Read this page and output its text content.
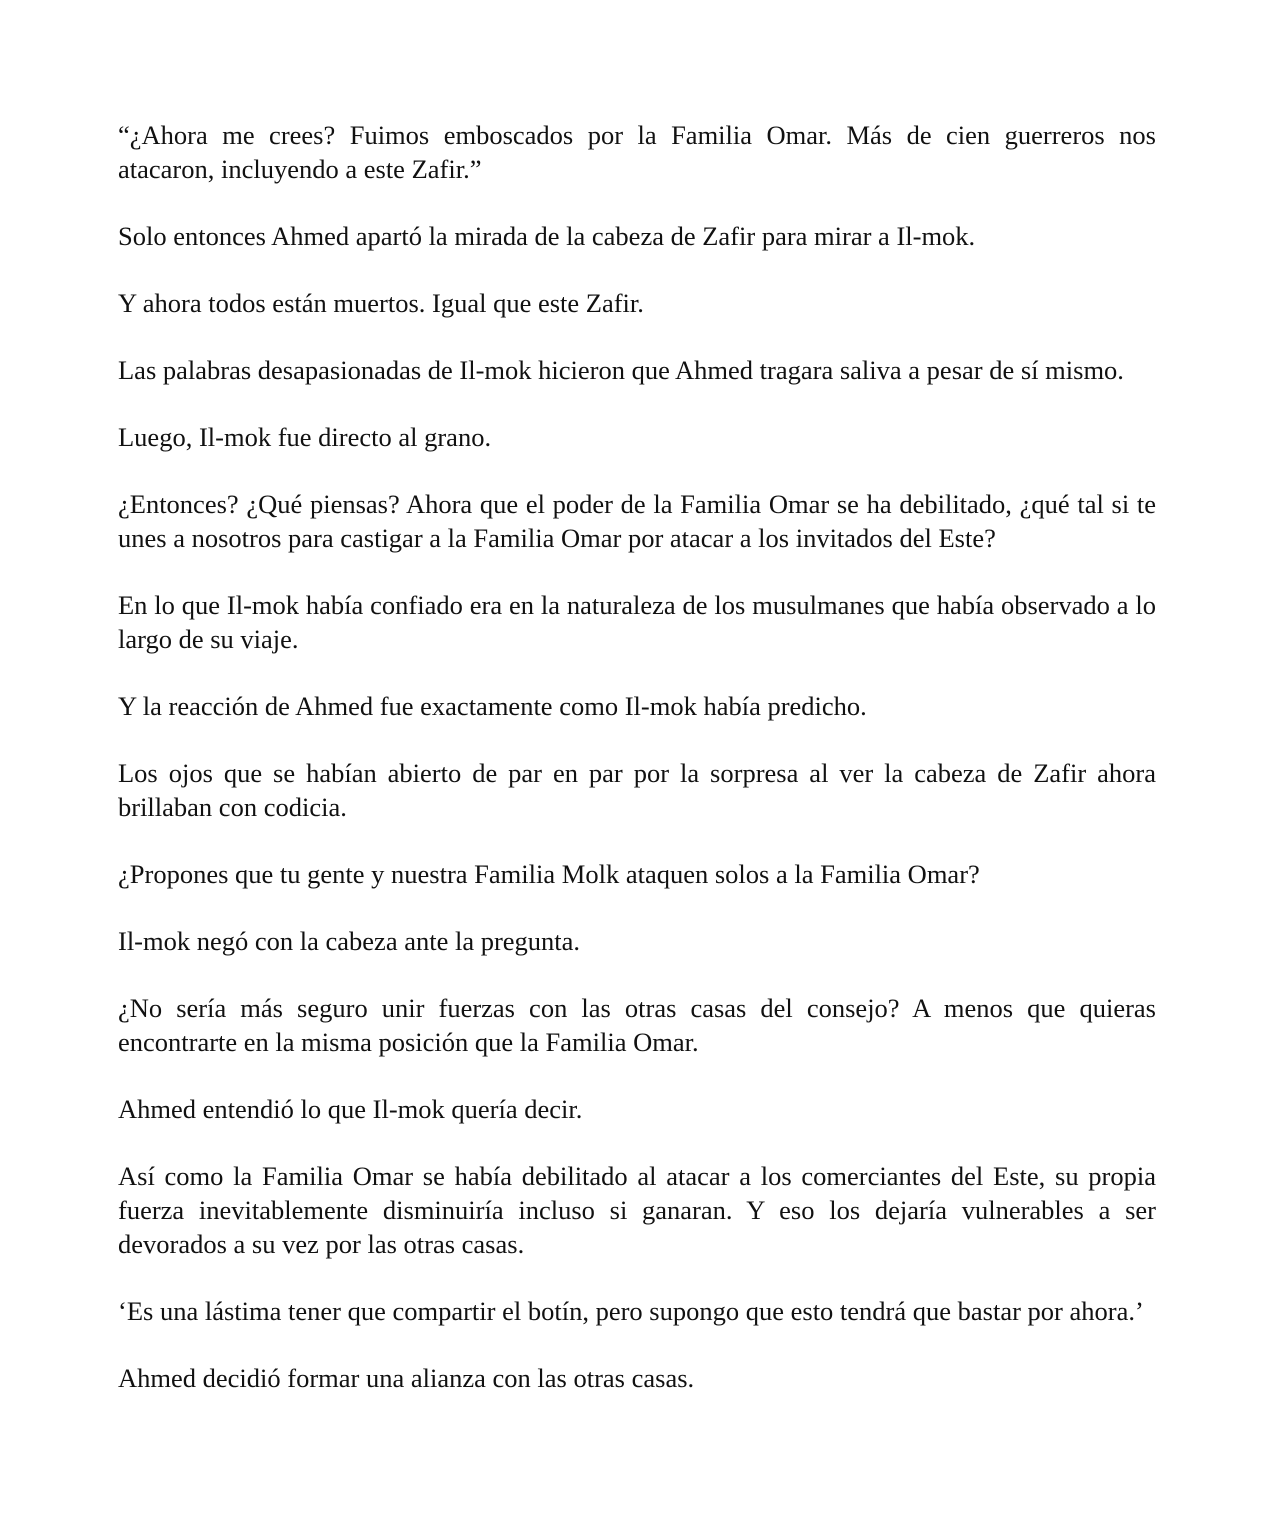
“¿Ahora me crees? Fuimos emboscados por la Familia Omar. Más de cien guerreros nos atacaron, incluyendo a este Zafir.”

Solo entonces Ahmed apartó la mirada de la cabeza de Zafir para mirar a Il-mok.

Y ahora todos están muertos. Igual que este Zafir.

Las palabras desapasionadas de Il-mok hicieron que Ahmed tragara saliva a pesar de sí mismo.

Luego, Il-mok fue directo al grano.

¿Entonces? ¿Qué piensas? Ahora que el poder de la Familia Omar se ha debilitado, ¿qué tal si te unes a nosotros para castigar a la Familia Omar por atacar a los invitados del Este?

En lo que Il-mok había confiado era en la naturaleza de los musulmanes que había observado a lo largo de su viaje.

Y la reacción de Ahmed fue exactamente como Il-mok había predicho.

Los ojos que se habían abierto de par en par por la sorpresa al ver la cabeza de Zafir ahora brillaban con codicia.

¿Propones que tu gente y nuestra Familia Molk ataquen solos a la Familia Omar?

Il-mok negó con la cabeza ante la pregunta.

¿No sería más seguro unir fuerzas con las otras casas del consejo? A menos que quieras encontrarte en la misma posición que la Familia Omar.

Ahmed entendió lo que Il-mok quería decir.

Así como la Familia Omar se había debilitado al atacar a los comerciantes del Este, su propia fuerza inevitablemente disminuiría incluso si ganaran. Y eso los dejaría vulnerables a ser devorados a su vez por las otras casas.

‘Es una lástima tener que compartir el botín, pero supongo que esto tendrá que bastar por ahora.’

Ahmed decidió formar una alianza con las otras casas.
